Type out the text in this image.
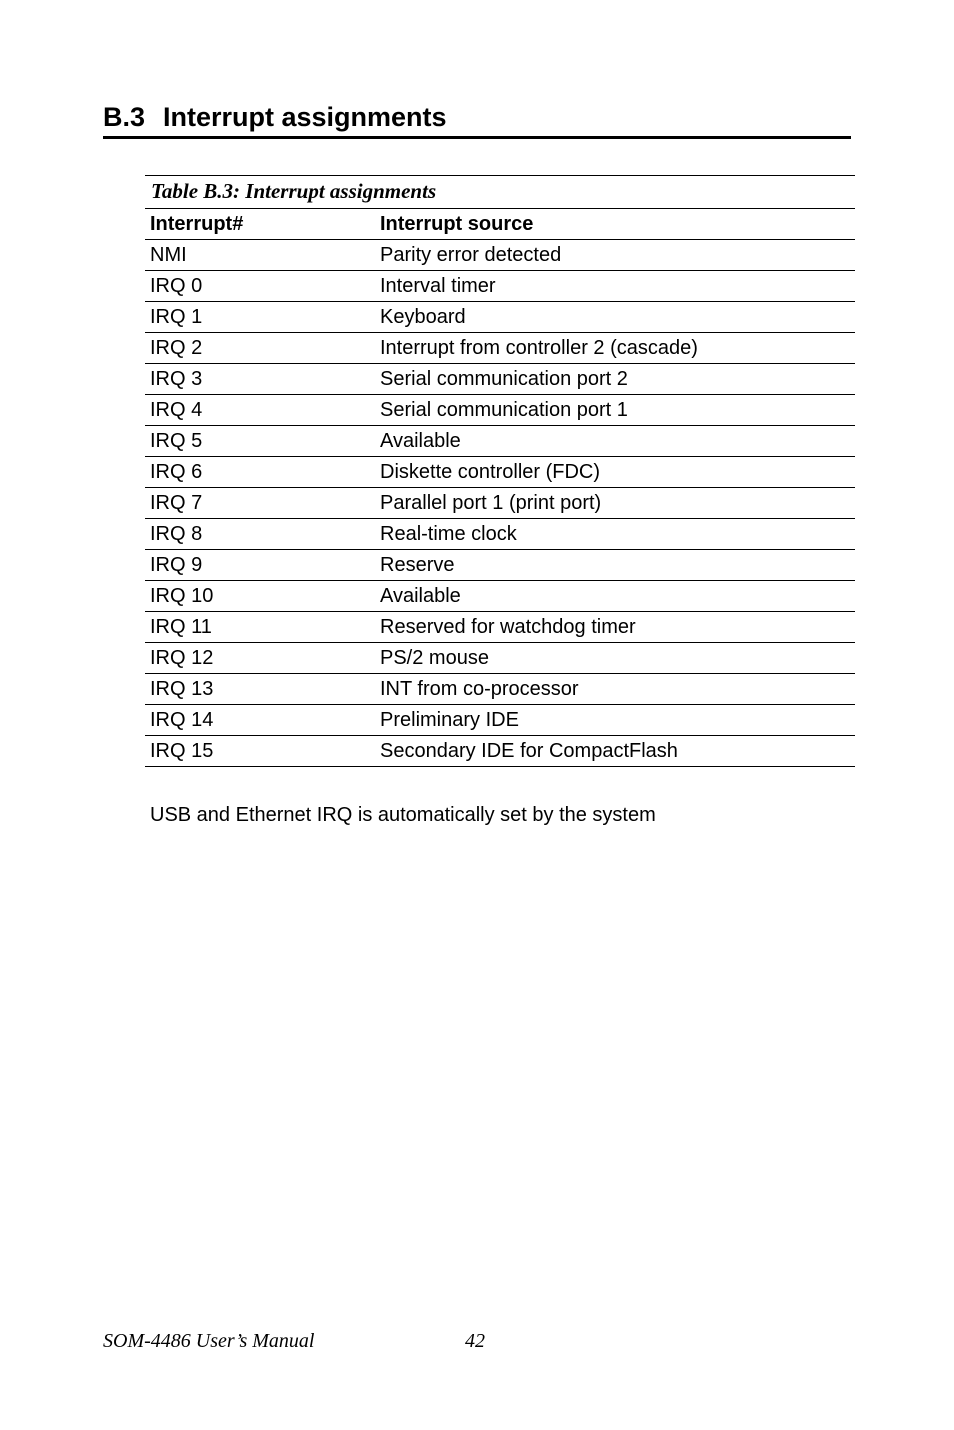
B.3 Interrupt assignments
Table B.3: Interrupt assignments
Interrupt#	Interrupt source
NMI	Parity error detected
IRQ 0	Interval timer
IRQ 1	Keyboard
IRQ 2	Interrupt from controller 2 (cascade)
IRQ 3	Serial communication port 2
IRQ 4	Serial communication port 1
IRQ 5	Available
IRQ 6	Diskette controller (FDC)
IRQ 7	Parallel port 1 (print port)
IRQ 8	Real-time clock
IRQ 9	Reserve
IRQ 10	Available
IRQ 11	Reserved for watchdog timer
IRQ 12	PS/2 mouse
IRQ 13	INT from co-processor
IRQ 14	Preliminary IDE
IRQ 15	Secondary IDE for CompactFlash
USB and Ethernet IRQ is automatically set by the system
SOM-4486 User’s Manual	42
